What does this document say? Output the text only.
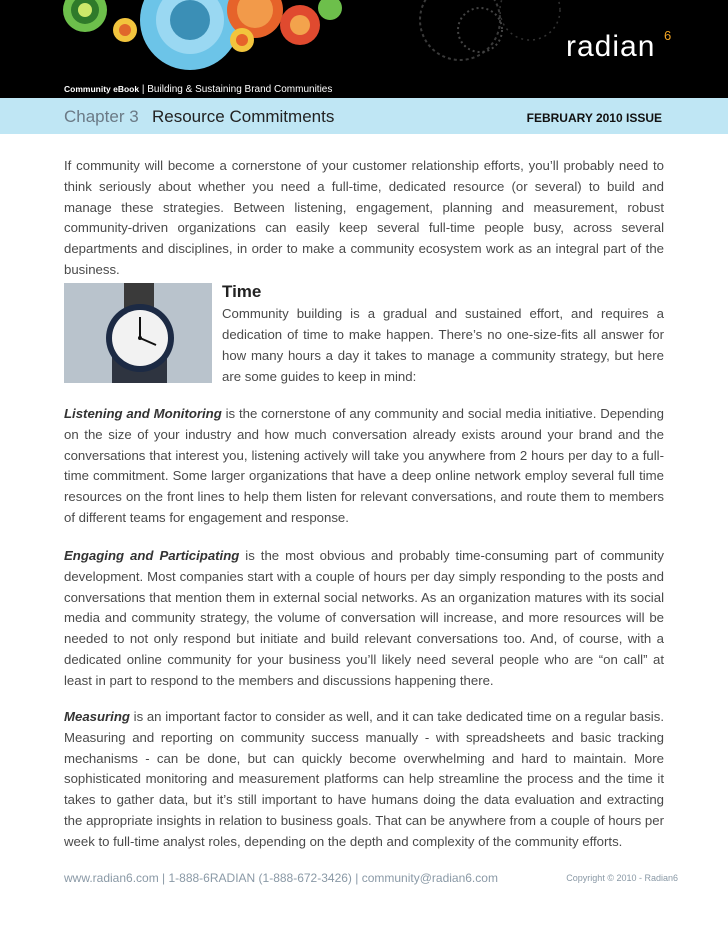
radian 6
Community eBook | Building & Sustaining Brand Communities
Chapter 3 Resource Commitments	FEBRUARY 2010 ISSUE
If community will become a cornerstone of your customer relationship efforts, you’ll probably need to think seriously about whether you need a full-time, dedicated resource (or several) to build and manage these strategies. Between listening, engagement, planning and measurement, robust community-driven organizations can easily keep several full-time people busy, across several departments and disciplines, in order to make a community ecosystem work as an integral part of the business.
Time
Community building is a gradual and sustained effort, and requires a dedication of time to make happen. There’s no one-size-fits all answer for how many hours a day it takes to manage a community strategy, but here are some guides to keep in mind:
Listening and Monitoring is the cornerstone of any community and social media initiative. Depending on the size of your industry and how much conversation already exists around your brand and the conversations that interest you, listening actively will take you anywhere from 2 hours per day to a full-time commitment. Some larger organizations that have a deep online network employ several full time resources on the front lines to help them listen for relevant conversations, and route them to members of different teams for engagement and response.
Engaging and Participating is the most obvious and probably time-consuming part of community development. Most companies start with a couple of hours per day simply responding to the posts and conversations that mention them in external social networks. As an organization matures with its social media and community strategy, the volume of conversation will increase, and more resources will be needed to not only respond but initiate and build relevant conversations too. And, of course, with a dedicated online community for your business you’ll likely need several people who are “on call” at least in part to respond to the members and discussions happening there.
Measuring is an important factor to consider as well, and it can take dedicated time on a regular basis. Measuring and reporting on community success manually - with spreadsheets and basic tracking mechanisms - can be done, but can quickly become overwhelming and hard to maintain. More sophisticated monitoring and measurement platforms can help streamline the process and the time it takes to gather data, but it’s still important to have humans doing the data evaluation and extracting the appropriate insights in relation to business goals. That can be anywhere from a couple of hours per week to full-time analyst roles, depending on the depth and complexity of the community efforts.
www.radian6.com | 1-888-6RADIAN (1-888-672-3426) | community@radian6.com	Copyright © 2010 - Radian6
